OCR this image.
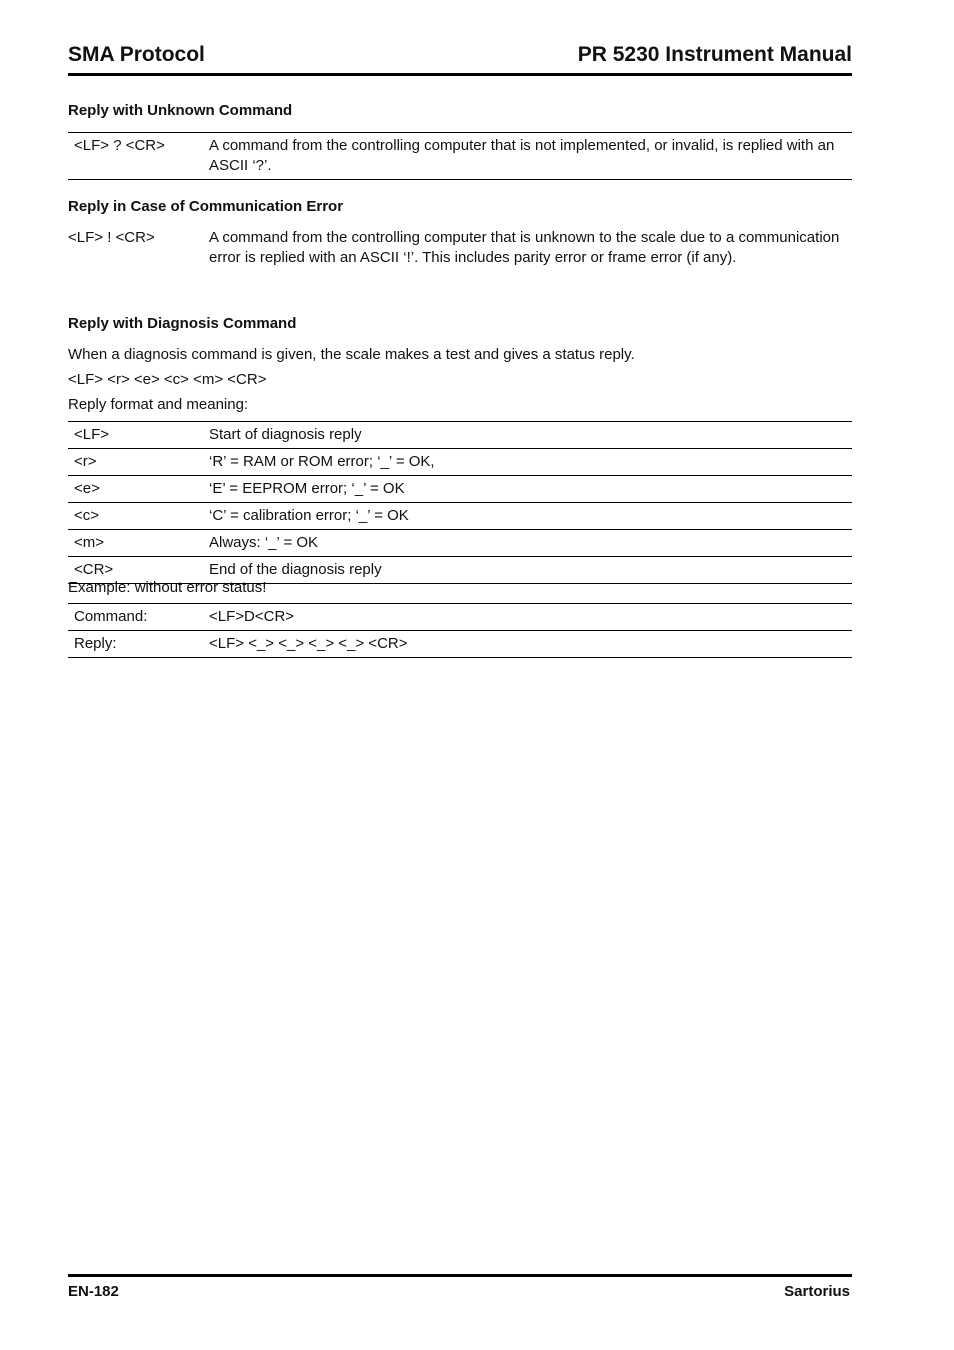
SMA Protocol	PR 5230 Instrument Manual
Reply with Unknown Command
<LF> ? <CR>	A command from the controlling computer that is not implemented, or invalid, is replied with an ASCII ‘?’.
Reply in Case of Communication Error
<LF> ! <CR>	A command from the controlling computer that is unknown to the scale due to a communication error is replied with an ASCII ‘!’. This includes parity error or frame error (if any).
Reply with Diagnosis Command
When a diagnosis command is given, the scale makes a test and gives a status reply.
<LF> <r> <e> <c> <m> <CR>
Reply format and meaning:
<LF>	Start of diagnosis reply
<r>	‘R’ = RAM or ROM error; ‘_’ = OK,
<e>	‘E’ = EEPROM error; ‘_’ = OK
<c>	‘C’ = calibration error; ‘_’ = OK
<m>	Always: ‘_’ = OK
<CR>	End of the diagnosis reply
Example: without error status!
Command:	<LF>D<CR>
Reply:	<LF> <_> <_> <_> <_> <CR>
EN-182	Sartorius
